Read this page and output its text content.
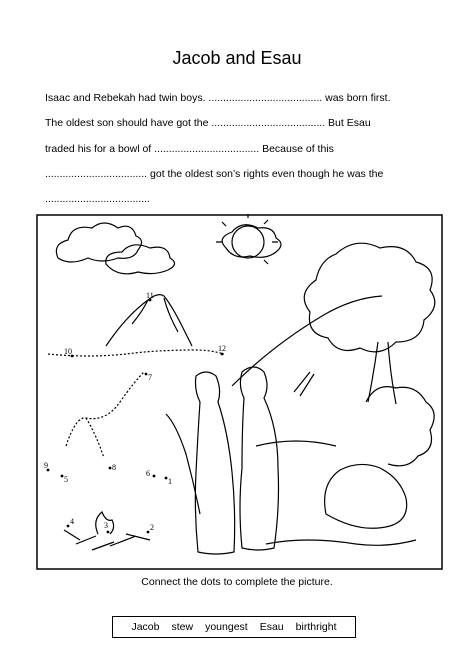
Jacob and Esau
Isaac and Rebekah had twin boys. ....................................... was born first.
The oldest son should have got the ....................................... But Esau
traded his for a bowl of .................................... Because of this
................................... got the oldest son’s rights even though he was the
....................................
1
2
3
4
5
6
7
8
9
10
11
12
Connect the dots to complete the picture.
Jacob stew youngest Esau birthright
